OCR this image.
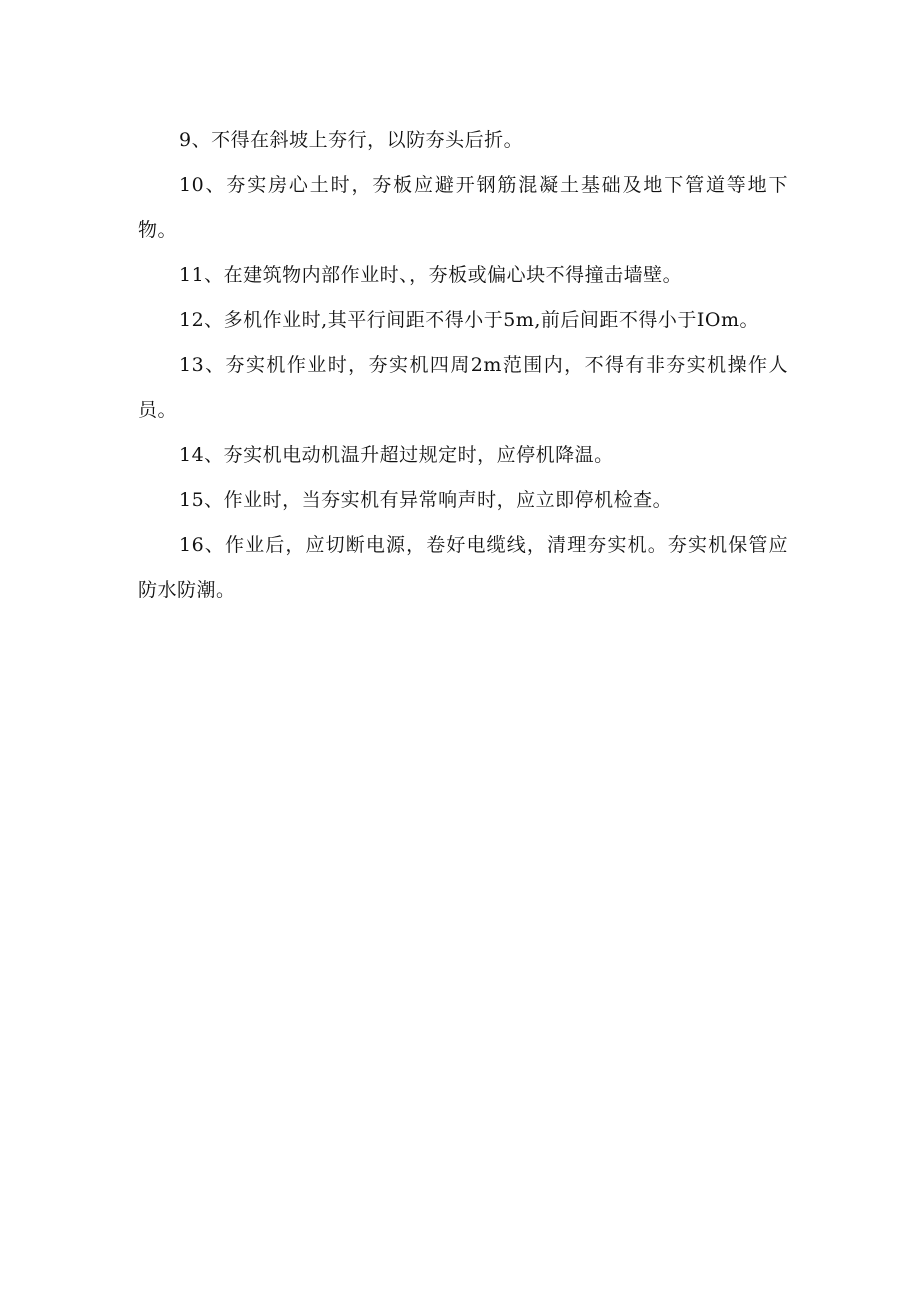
9、不得在斜坡上夯行，以防夯头后折。

10、夯实房心土时，夯板应避开钢筋混凝土基础及地下管道等地下物。

11、在建筑物内部作业时、，夯板或偏心块不得撞击墙壁。

12、多机作业时,其平行间距不得小于5m,前后间距不得小于IOm。

13、夯实机作业时，夯实机四周2m范围内，不得有非夯实机操作人员。

14、夯实机电动机温升超过规定时，应停机降温。

15、作业时，当夯实机有异常响声时，应立即停机检查。

16、作业后，应切断电源，卷好电缆线，清理夯实机。夯实机保管应防水防潮。
